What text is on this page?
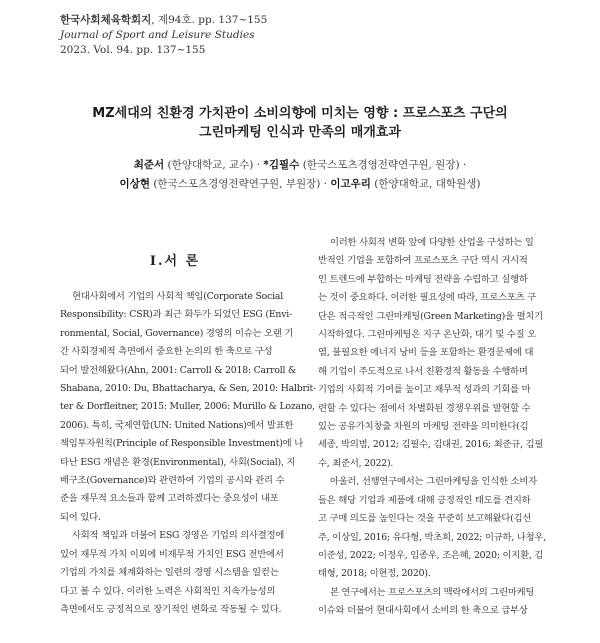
한국사회체육학회지, 제94호. pp. 137~155
Journal of Sport and Leisure Studies
2023. Vol. 94. pp. 137~155
MZ세대의 친환경 가치관이 소비의향에 미치는 영향 : 프로스포츠 구단의
그린마케팅 인식과 만족의 매개효과
최준서 (한양대학교, 교수) · *김필수 (한국스포츠경영전략연구원, 원장) ·
이상현 (한국스포츠경영전략연구원, 부원장) · 이고우리 (한양대학교, 대학원생)
Ⅰ.서 론
현대사회에서 기업의 사회적 책임(Corporate Social
Responsibility: CSR)과 최근 화두가 되었던 ESG (Envi-
ronmental, Social, Governance) 경영의 이슈는 오랜 기
간 사회경제적 측면에서 중요한 논의의 한 축으로 구성
되어 발전해왔다(Ahn, 2001: Carroll & 2018: Carroll &
Shabana, 2010: Du, Bhattacharya, & Sen, 2010: Halbrit-
ter & Dorfleitner, 2015: Muller, 2006: Murillo & Lozano,
2006). 특히, 국제연합(UN: United Nations)에서 발표한
책임투자원칙(Principle of Responsible Investment)에 나
타난 ESG 개념은 환경(Environmental), 사회(Social), 지
배구조(Governance)와 관련하여 기업의 공시와 관리 수
준을 재무적 요소들과 함께 고려하겠다는 중요성이 내포
되어 있다.
사회적 책임과 더불어 ESG 경영은 기업의 의사결정에
있어 재무적 가치 이외에 비재무적 가치인 ESG 전반에서
기업의 가치를 체계화하는 일련의 경영 시스템을 일컫는
다고 볼 수 있다. 이러한 노력은 사회적인 지속가능성의
측면에서도 긍정적으로 장기적인 변화로 작동될 수 있다.
이러한 사회적 변화 앞에 다양한 산업을 구성하는 일
반적인 기업을 포함하여 프로스포츠 구단 역시 거시적
인 트렌드에 부합하는 마케팅 전략을 수립하고 실행하
는 것이 중요하다. 이러한 필요성에 따라, 프로스포츠 구
단은 적극적인 그린마케팅(Green Marketing)을 펼치기
시작하였다. 그린마케팅은 지구 온난화, 대기 및 수질 오
염, 불필요한 에너지 낭비 등을 포함하는 환경문제에 대
해 기업이 주도적으로 나서 친환경적 활동을 수행하며
기업의 사회적 기여를 높이고 재무적 성과의 기회를 마
련할 수 있다는 점에서 차별화된 경쟁우위를 발현할 수
있는 공유가치창출 차원의 마케팅 전략을 의미한다(김
세종, 박의범, 2012; 김필수, 김대권, 2016; 최준규, 김필
수, 최준서, 2022).
아울러, 선행연구에서는 그린마케팅을 인식한 소비자
들은 해당 기업과 제품에 대해 긍정적인 태도를 견지하
고 구매 의도를 높인다는 것을 꾸준히 보고해왔다(김선
주, 이상일, 2016; 유다형, 박초희, 2022; 이규하, 나청우,
이준성, 2022; 이정우, 임종우, 조은혜, 2020; 이지환, 김
태형, 2018; 이현정, 2020).
본 연구에서는 프로스포츠의 맥락에서의 그린마케팅
이슈와 더불어 현대사회에서 소비의 한 축으로 급부상
